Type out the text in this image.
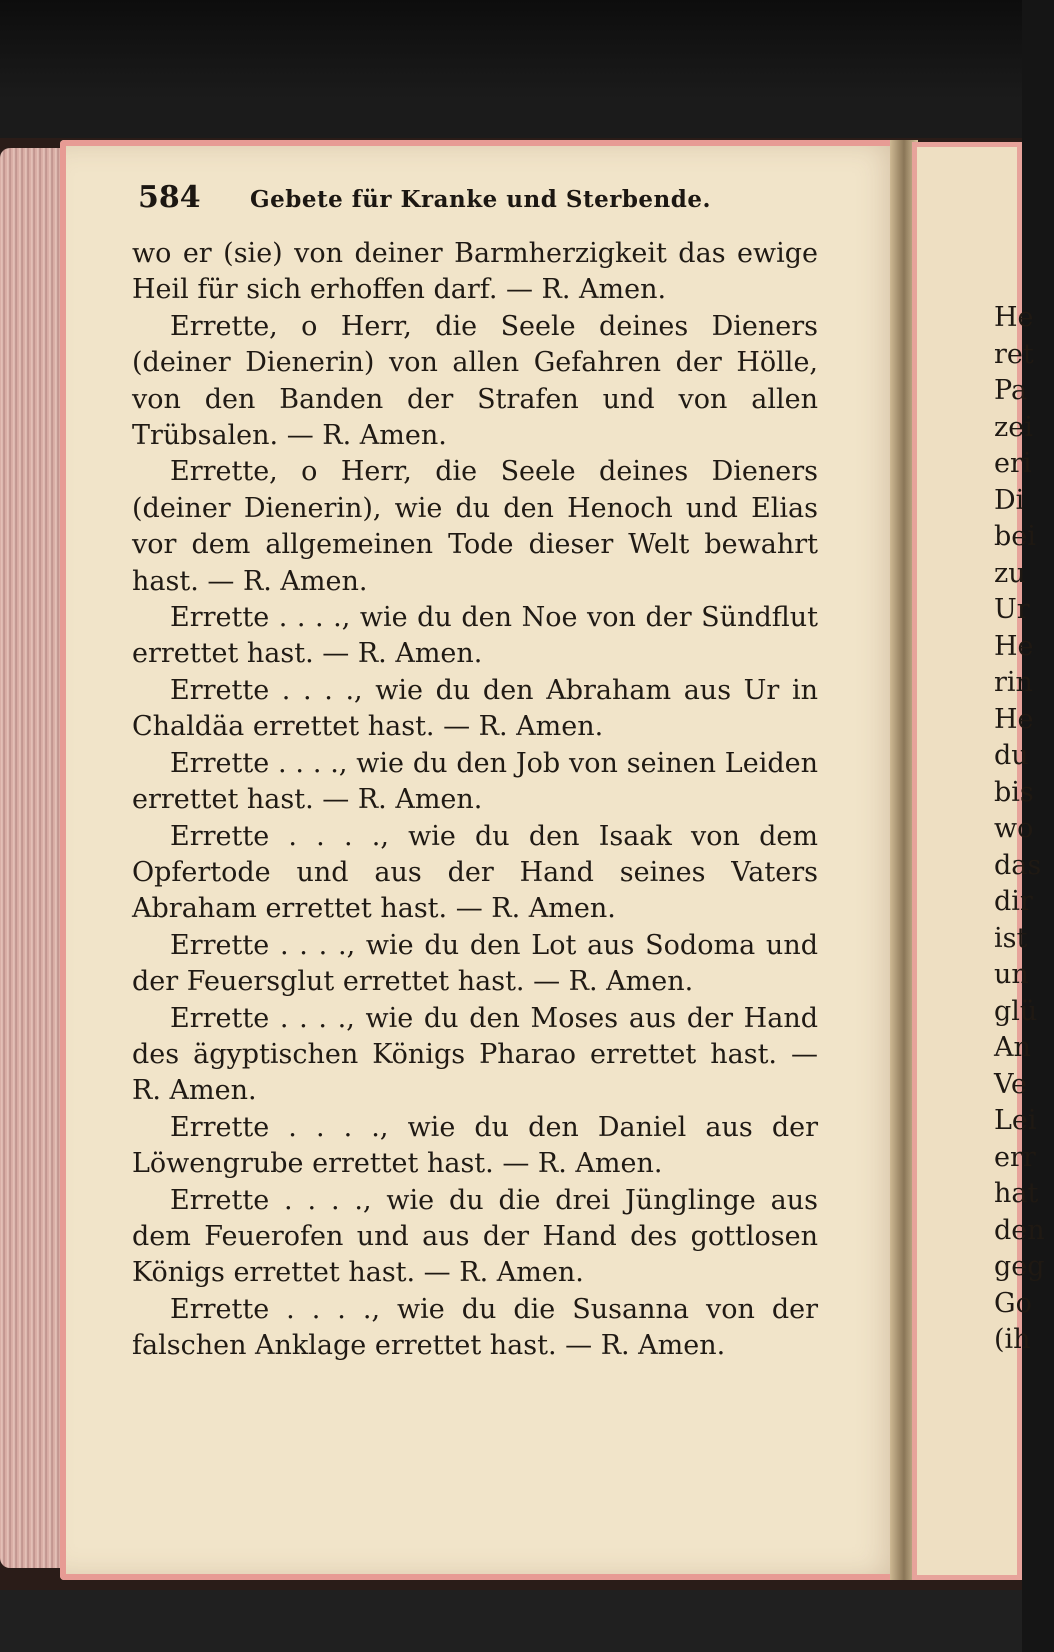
584 Gebete für Kranke und Sterbende.

wo er (sie) von deiner Barmherzigkeit das ewige Heil für sich erhoffen darf. — R. Amen.

Errette, o Herr, die Seele deines Dieners (deiner Dienerin) von allen Gefahren der Hölle, von den Banden der Strafen und von allen Trübsalen. — R. Amen.

Errette, o Herr, die Seele deines Dieners (deiner Dienerin), wie du den Henoch und Elias vor dem allgemeinen Tode dieser Welt bewahrt hast. — R. Amen.

Errette . . . ., wie du den Noe von der Sündflut errettet hast. — R. Amen.

Errette . . . ., wie du den Abraham aus Ur in Chaldäa errettet hast. — R. Amen.

Errette . . . ., wie du den Job von seinen Leiden errettet hast. — R. Amen.

Errette . . . ., wie du den Isaak von dem Opfertode und aus der Hand seines Vaters Abraham errettet hast. — R. Amen.

Errette . . . ., wie du den Lot aus Sodoma und der Feuersglut errettet hast. — R. Amen.

Errette . . . ., wie du den Moses aus der Hand des ägyptischen Königs Pharao errettet hast. — R. Amen.

Errette . . . ., wie du den Daniel aus der Löwengrube errettet hast. — R. Amen.

Errette . . . ., wie du die drei Jünglinge aus dem Feuerofen und aus der Hand des gottlosen Königs errettet hast. — R. Amen.

Errette . . . ., wie du die Susanna von der falschen Anklage errettet hast. — R. Amen.

He
ret
Pa
zei
eri
Di
bei
zu
Ur
He
rin
He
du
bis
wo
das
dir
ist
un
glü
An
Ve
Lei
err
hat
den
geg
Go
(ih
